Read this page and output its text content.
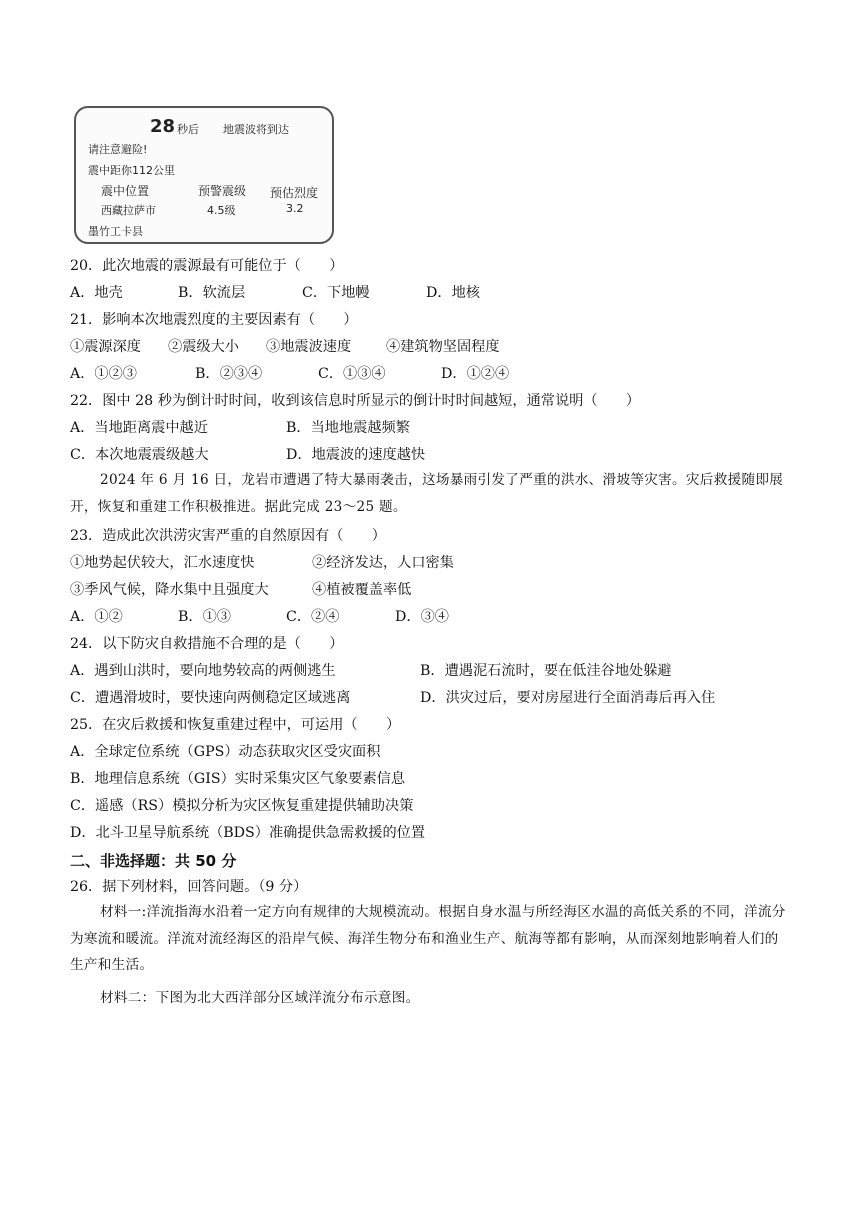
28 秒后 地震波将到达
请注意避险!
震中距你112公里
震中位置	预警震级 预估烈度
西藏拉萨市	4.5级	3.2
墨竹工卡县
20．此次地震的震源最有可能位于（　　）
A．地壳	B．软流层	C．下地幔	D．地核
21．影响本次地震烈度的主要因素有（　　）
①震源深度 ②震级大小 ③地震波速度 ④建筑物坚固程度
A．①②③	B．②③④	C．①③④	D．①②④
22．图中 28 秒为倒计时时间，收到该信息时所显示的倒计时时间越短，通常说明（　　）
A．当地距离震中越近	B．当地地震越频繁
C．本次地震震级越大	D．地震波的速度越快
2024 年 6 月 16 日，龙岩市遭遇了特大暴雨袭击，这场暴雨引发了严重的洪水、滑坡等灾害。灾后救援随即展开，恢复和重建工作积极推进。据此完成 23～25 题。
23．造成此次洪涝灾害严重的自然原因有（　　）
①地势起伏较大，汇水速度快	②经济发达，人口密集
③季风气候，降水集中且强度大	④植被覆盖率低
A．①②	B．①③	C．②④	D．③④
24．以下防灾自救措施不合理的是（　　）
A．遇到山洪时，要向地势较高的两侧逃生	B．遭遇泥石流时，要在低洼谷地处躲避
C．遭遇滑坡时，要快速向两侧稳定区域逃离	D．洪灾过后，要对房屋进行全面消毒后再入住
25．在灾后救援和恢复重建过程中，可运用（　　）
A．全球定位系统（GPS）动态获取灾区受灾面积
B．地理信息系统（GIS）实时采集灾区气象要素信息
C．遥感（RS）模拟分析为灾区恢复重建提供辅助决策
D．北斗卫星导航系统（BDS）准确提供急需救援的位置
二、非选择题：共 50 分
26．据下列材料，回答问题。（9 分）
材料一:洋流指海水沿着一定方向有规律的大规模流动。根据自身水温与所经海区水温的高低关系的不同，洋流分为寒流和暖流。洋流对流经海区的沿岸气候、海洋生物分布和渔业生产、航海等都有影响，从而深刻地影响着人们的生产和生活。
材料二：下图为北大西洋部分区域洋流分布示意图。
